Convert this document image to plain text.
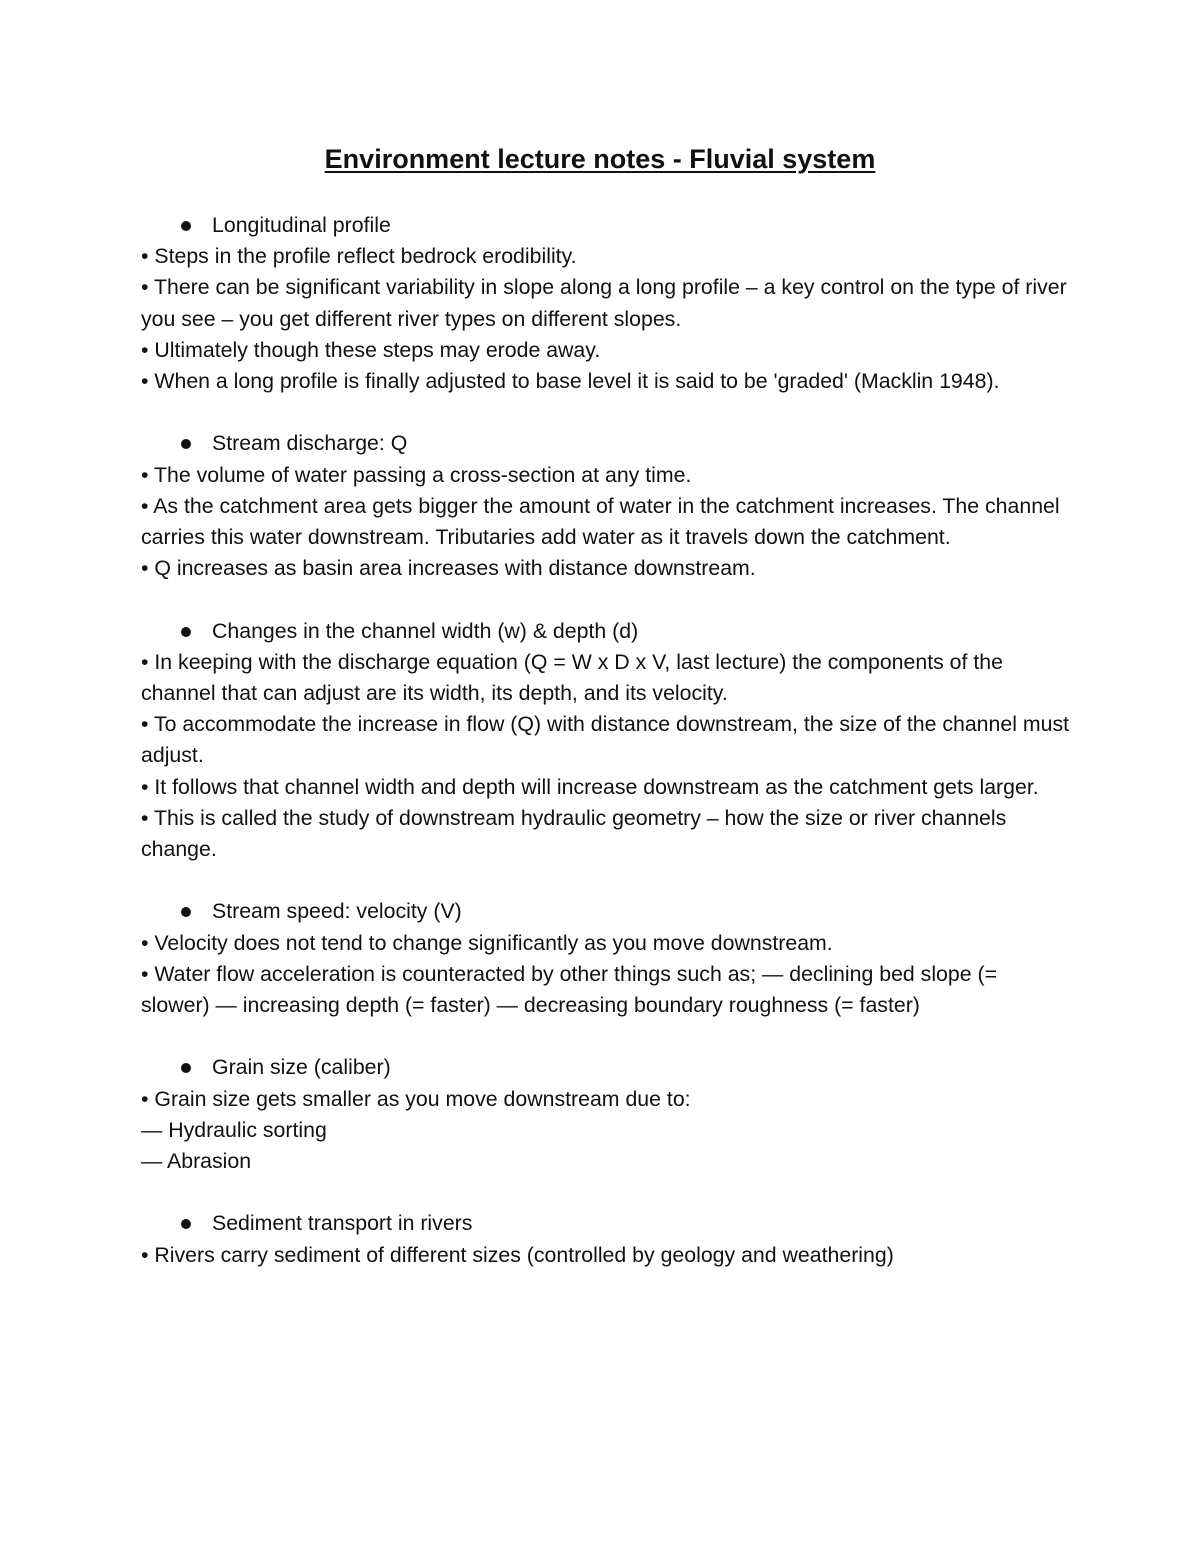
Environment lecture notes - Fluvial system
Longitudinal profile
• Steps in the profile reflect bedrock erodibility.
• There can be significant variability in slope along a long profile – a key control on the type of river you see – you get different river types on different slopes.
• Ultimately though these steps may erode away.
• When a long profile is finally adjusted to base level it is said to be 'graded' (Macklin 1948).
Stream discharge: Q
• The volume of water passing a cross-section at any time.
• As the catchment area gets bigger the amount of water in the catchment increases. The channel carries this water downstream. Tributaries add water as it travels down the catchment.
• Q increases as basin area increases with distance downstream.
Changes in the channel width (w) & depth (d)
• In keeping with the discharge equation (Q = W x D x V, last lecture) the components of the channel that can adjust are its width, its depth, and its velocity.
• To accommodate the increase in flow (Q) with distance downstream, the size of the channel must adjust.
• It follows that channel width and depth will increase downstream as the catchment gets larger.
• This is called the study of downstream hydraulic geometry – how the size or river channels change.
Stream speed: velocity (V)
• Velocity does not tend to change significantly as you move downstream.
• Water flow acceleration is counteracted by other things such as; — declining bed slope (= slower) — increasing depth (= faster) — decreasing boundary roughness (= faster)
Grain size (caliber)
• Grain size gets smaller as you move downstream due to:
— Hydraulic sorting
— Abrasion
Sediment transport in rivers
• Rivers carry sediment of different sizes (controlled by geology and weathering)
